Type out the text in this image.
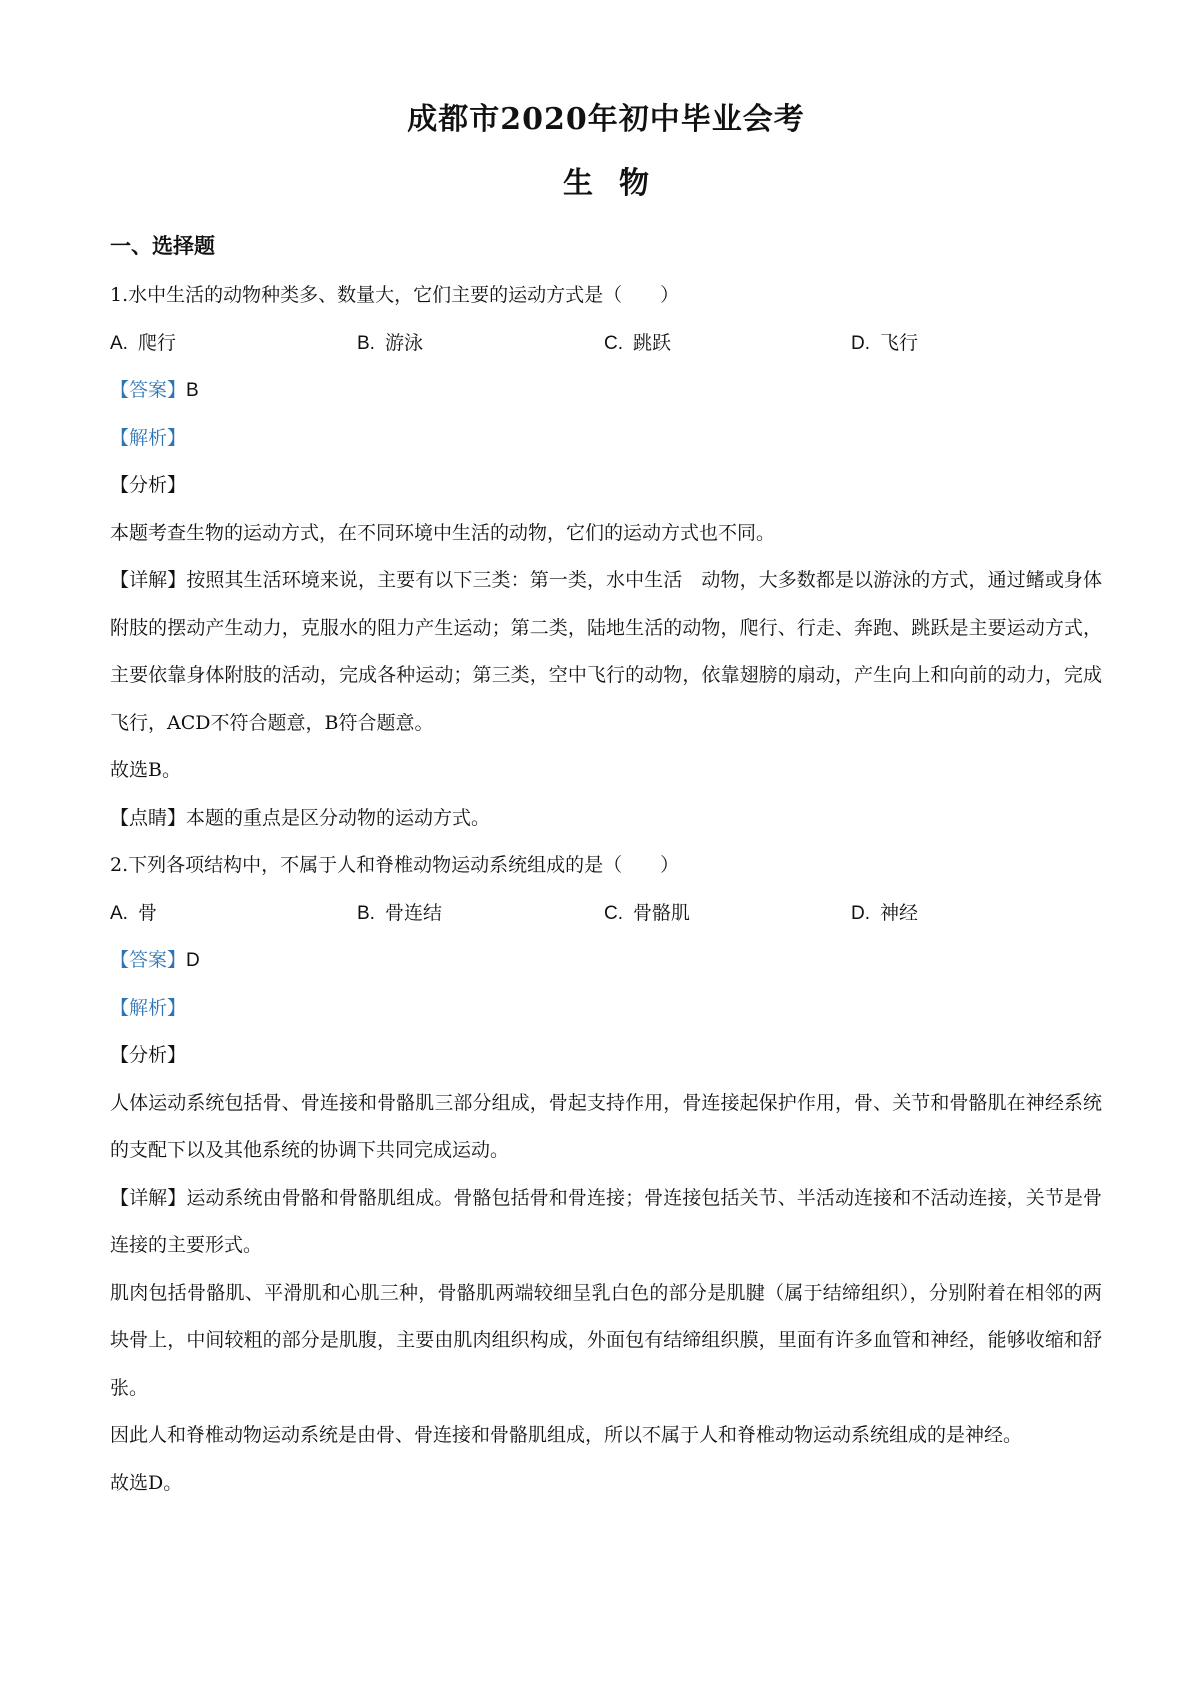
成都市2020年初中毕业会考
生物
一、选择题

1.水中生活的动物种类多、数量大，它们主要的运动方式是（　　）

A. 爬行	B. 游泳	C. 跳跃	D. 飞行

【答案】B

【解析】

【分析】

本题考查生物的运动方式，在不同环境中生活的动物，它们的运动方式也不同。

【详解】按照其生活环境来说，主要有以下三类：第一类，水中生活　动物，大多数都是以游泳的方式，通过鳍或身体附肢的摆动产生动力，克服水的阻力产生运动；第二类，陆地生活的动物，爬行、行走、奔跑、跳跃是主要运动方式，主要依靠身体附肢的活动，完成各种运动；第三类，空中飞行的动物，依靠翅膀的扇动，产生向上和向前的动力，完成飞行，ACD不符合题意，B符合题意。

故选B。

【点睛】本题的重点是区分动物的运动方式。

2.下列各项结构中，不属于人和脊椎动物运动系统组成的是（　　）

A. 骨	B. 骨连结	C. 骨骼肌	D. 神经

【答案】D

【解析】

【分析】

人体运动系统包括骨、骨连接和骨骼肌三部分组成，骨起支持作用，骨连接起保护作用，骨、关节和骨骼肌在神经系统的支配下以及其他系统的协调下共同完成运动。

【详解】运动系统由骨骼和骨骼肌组成。骨骼包括骨和骨连接；骨连接包括关节、半活动连接和不活动连接，关节是骨连接的主要形式。

肌肉包括骨骼肌、平滑肌和心肌三种，骨骼肌两端较细呈乳白色的部分是肌腱（属于结缔组织），分别附着在相邻的两块骨上，中间较粗的部分是肌腹，主要由肌肉组织构成，外面包有结缔组织膜，里面有许多血管和神经，能够收缩和舒张。

因此人和脊椎动物运动系统是由骨、骨连接和骨骼肌组成，所以不属于人和脊椎动物运动系统组成的是神经。

故选D。
